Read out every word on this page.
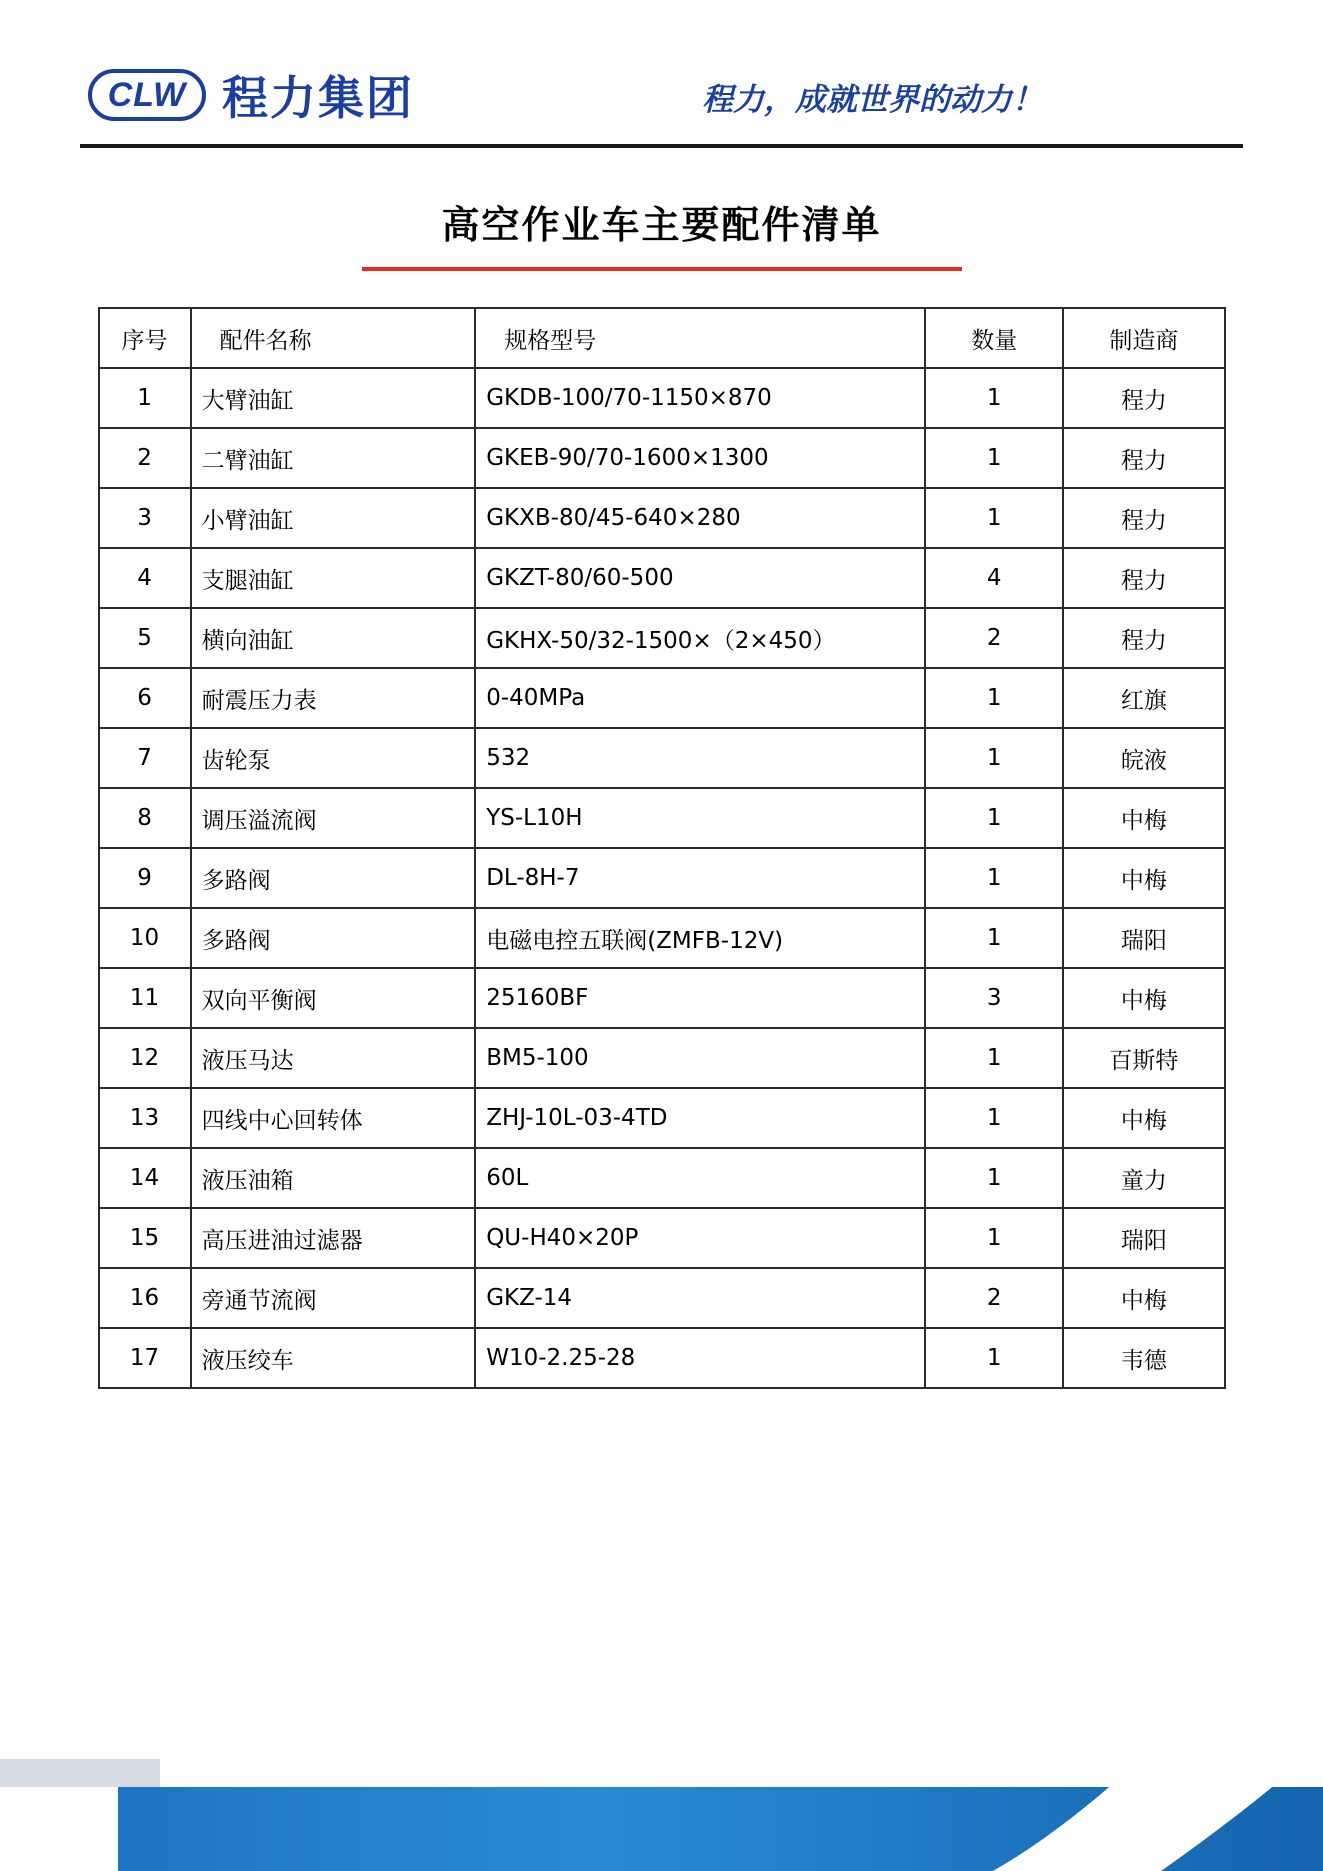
CLW 程力集团	程力，成就世界的动力！
高空作业车主要配件清单
序号	配件名称	规格型号	数量	制造商
1	大臂油缸	GKDB-100/70-1150×870	1	程力
2	二臂油缸	GKEB-90/70-1600×1300	1	程力
3	小臂油缸	GKXB-80/45-640×280	1	程力
4	支腿油缸	GKZT-80/60-500	4	程力
5	横向油缸	GKHX-50/32-1500×（2×450）	2	程力
6	耐震压力表	0-40MPa	1	红旗
7	齿轮泵	532	1	皖液
8	调压溢流阀	YS-L10H	1	中梅
9	多路阀	DL-8H-7	1	中梅
10	多路阀	电磁电控五联阀(ZMFB-12V)	1	瑞阳
11	双向平衡阀	25160BF	3	中梅
12	液压马达	BM5-100	1	百斯特
13	四线中心回转体	ZHJ-10L-03-4TD	1	中梅
14	液压油箱	60L	1	童力
15	高压进油过滤器	QU-H40×20P	1	瑞阳
16	旁通节流阀	GKZ-14	2	中梅
17	液压绞车	W10-2.25-28	1	韦德
